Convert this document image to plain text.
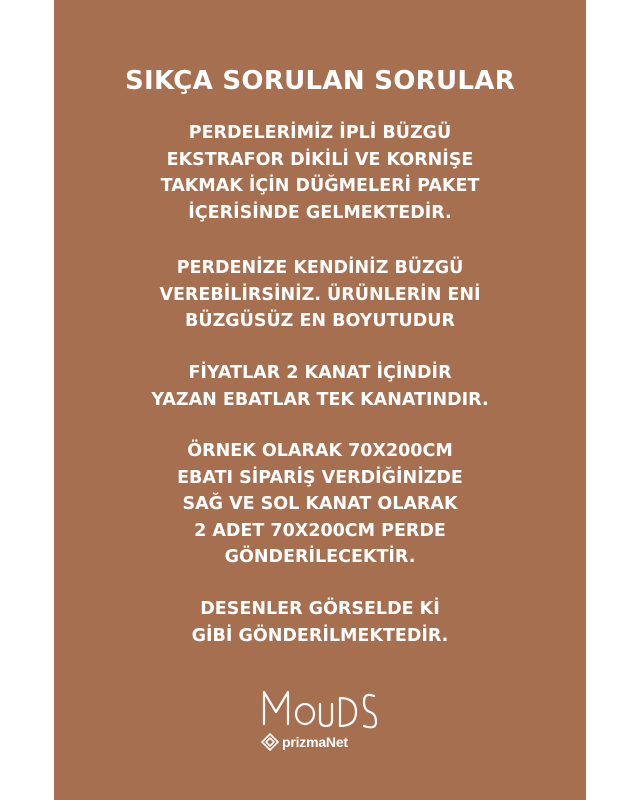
SIKÇA SORULAN SORULAR

PERDELERİMİZ İPLİ BÜZGÜ
EKSTRAFOR DİKİLİ VE KORNİŞE
TAKMAK İÇİN DÜĞMELERİ PAKET
İÇERİSİNDE GELMEKTEDİR.

PERDENİZE KENDİNİZ BÜZGÜ
VEREBİLİRSİNİZ. ÜRÜNLERİN ENİ
BÜZGÜSÜZ EN BOYUTUDUR

FİYATLAR 2 KANAT İÇİNDİR
YAZAN EBATLAR TEK KANATINDIR.

ÖRNEK OLARAK 70X200CM
EBATI SİPARİŞ VERDİĞİNİZDE
SAĞ VE SOL KANAT OLARAK
2 ADET 70X200CM PERDE
GÖNDERİLECEKTİR.

DESENLER GÖRSELDE Kİ
GİBİ GÖNDERİLMEKTEDİR.

prizmaNet
